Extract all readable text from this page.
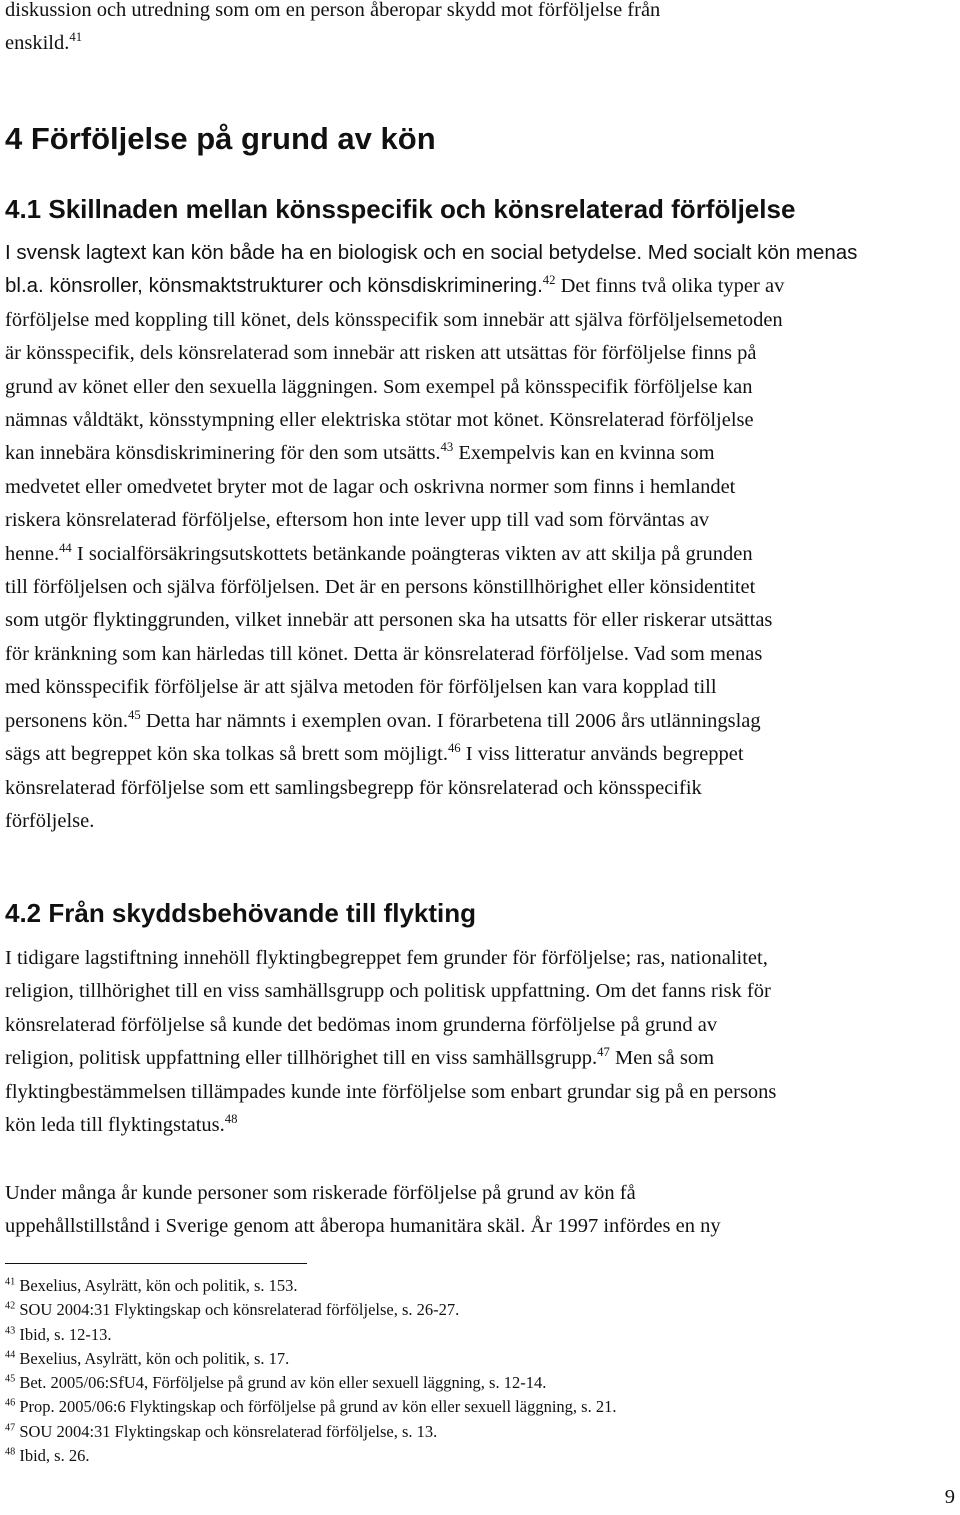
diskussion och utredning som om en person åberopar skydd mot förföljelse från

enskild.$^{41}$

4 Förföljelse på grund av kön
4.1 Skillnaden mellan könsspecifik och könsrelaterad förföljelse

I svensk lagtext kan kön både ha en biologisk och en social betydelse. Med socialt kön menas

bl.a. könsroller, könsmaktstrukturer och könsdiskriminering.$^{42}$ Det finns två olika typer av

förföljelse med koppling till könet, dels könsspecifik som innebär att själva förföljelsemetoden

är könsspecifik, dels könsrelaterad som innebär att risken att utsättas för förföljelse finns på

grund av könet eller den sexuella läggningen. Som exempel på könsspecifik förföljelse kan

nämnas våldtäkt, könsstympning eller elektriska stötar mot könet. Könsrelaterad förföljelse

kan innebära könsdiskriminering för den som utsätts.$^{43}$ Exempelvis kan en kvinna som

medvetet eller omedvetet bryter mot de lagar och oskrivna normer som finns i hemlandet

riskera könsrelaterad förföljelse, eftersom hon inte lever upp till vad som förväntas av

henne.$^{44}$ I socialförsäkringsutskottets betänkande poängteras vikten av att skilja på grunden

till förföljelsen och själva förföljelsen. Det är en persons könstillhörighet eller könsidentitet

som utgör flyktinggrunden, vilket innebär att personen ska ha utsatts för eller riskerar utsättas

för kränkning som kan härledas till könet. Detta är könsrelaterad förföljelse. Vad som menas

med könsspecifik förföljelse är att själva metoden för förföljelsen kan vara kopplad till

personens kön.$^{45}$ Detta har nämnts i exemplen ovan. I förarbetena till 2006 års utlänningslag

sägs att begreppet kön ska tolkas så brett som möjligt.$^{46}$ I viss litteratur används begreppet

könsrelaterad förföljelse som ett samlingsbegrepp för könsrelaterad och könsspecifik

förföljelse.

4.2 Från skyddsbehövande till flykting

I tidigare lagstiftning innehöll flyktingbegreppet fem grunder för förföljelse; ras, nationalitet,

religion, tillhörighet till en viss samhällsgrupp och politisk uppfattning. Om det fanns risk för

könsrelaterad förföljelse så kunde det bedömas inom grunderna förföljelse på grund av

religion, politisk uppfattning eller tillhörighet till en viss samhällsgrupp.$^{47}$ Men så som

flyktingbestämmelsen tillämpades kunde inte förföljelse som enbart grundar sig på en persons

kön leda till flyktingstatus.$^{48}$

Under många år kunde personer som riskerade förföljelse på grund av kön få

uppehållstillstånd i Sverige genom att åberopa humanitära skäl. År 1997 infördes en ny

$^{41}$ Bexelius, Asylrätt, kön och politik, s. 153.

$^{42}$ SOU 2004:31 Flyktingskap och könsrelaterad förföljelse, s. 26-27.

$^{43}$ Ibid, s. 12-13.

$^{44}$ Bexelius, Asylrätt, kön och politik, s. 17.

$^{45}$ Bet. 2005/06:SfU4, Förföljelse på grund av kön eller sexuell läggning, s. 12-14.

$^{46}$ Prop. 2005/06:6 Flyktingskap och förföljelse på grund av kön eller sexuell läggning, s. 21.

$^{47}$ SOU 2004:31 Flyktingskap och könsrelaterad förföljelse, s. 13.

$^{48}$ Ibid, s. 26.

9
